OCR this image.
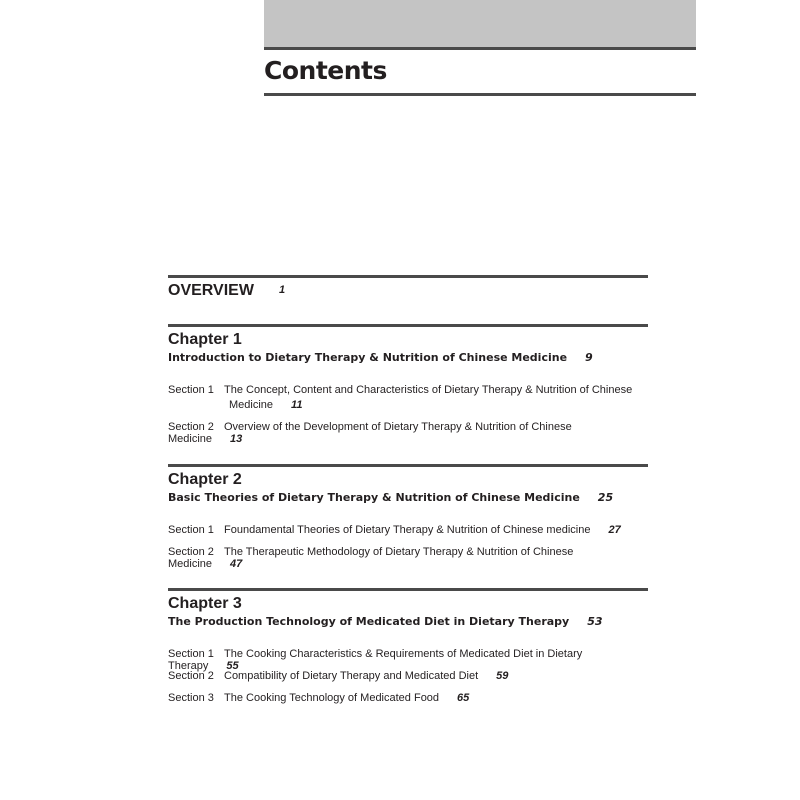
Contents
OVERVIEW 1
Chapter 1
Introduction to Dietary Therapy & Nutrition of Chinese Medicine 9
Section 1 The Concept, Content and Characteristics of Dietary Therapy & Nutrition of Chinese
Medicine 11
Section 2 Overview of the Development of Dietary Therapy & Nutrition of Chinese Medicine 13
Chapter 2
Basic Theories of Dietary Therapy & Nutrition of Chinese Medicine 25
Section 1 Foundamental Theories of Dietary Therapy & Nutrition of Chinese medicine 27
Section 2 The Therapeutic Methodology of Dietary Therapy & Nutrition of Chinese Medicine 47
Chapter 3
The Production Technology of Medicated Diet in Dietary Therapy 53
Section 1 The Cooking Characteristics & Requirements of Medicated Diet in Dietary Therapy 55
Section 2 Compatibility of Dietary Therapy and Medicated Diet 59
Section 3 The Cooking Technology of Medicated Food 65
